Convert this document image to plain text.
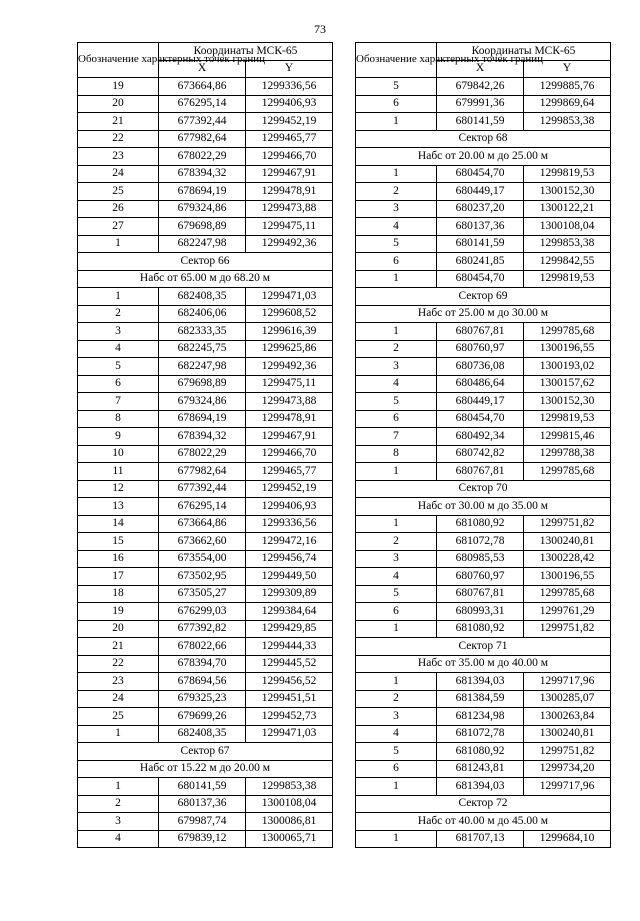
73
Обозначение характерных точек границ	Координаты МСК-65	
	X	Y
19	673664,86	1299336,56
20	676295,14	1299406,93
21	677392,44	1299452,19
22	677982,64	1299465,77
23	678022,29	1299466,70
24	678394,32	1299467,91
25	678694,19	1299478,91
26	679324,86	1299473,88
27	679698,89	1299475,11
1	682247,98	1299492,36
Сектор 66		
Набс от 65.00 м до 68.20 м		
1	682408,35	1299471,03
2	682406,06	1299608,52
3	682333,35	1299616,39
4	682245,75	1299625,86
5	682247,98	1299492,36
6	679698,89	1299475,11
7	679324,86	1299473,88
8	678694,19	1299478,91
9	678394,32	1299467,91
10	678022,29	1299466,70
11	677982,64	1299465,77
12	677392,44	1299452,19
13	676295,14	1299406,93
14	673664,86	1299336,56
15	673662,60	1299472,16
16	673554,00	1299456,74
17	673502,95	1299449,50
18	673505,27	1299309,89
19	676299,03	1299384,64
20	677392,82	1299429,85
21	678022,66	1299444,33
22	678394,70	1299445,52
23	678694,56	1299456,52
24	679325,23	1299451,51
25	679699,26	1299452,73
1	682408,35	1299471,03
Сектор 67		
Набс от 15.22 м до 20.00 м		
1	680141,59	1299853,38
2	680137,36	1300108,04
3	679987,74	1300086,81
4	679839,12	1300065,71
Обозначение характерных точек границ	Координаты МСК-65	
	X	Y
5	679842,26	1299885,76
6	679991,36	1299869,64
1	680141,59	1299853,38
Сектор 68		
Набс от 20.00 м до 25.00 м		
1	680454,70	1299819,53
2	680449,17	1300152,30
3	680237,20	1300122,21
4	680137,36	1300108,04
5	680141,59	1299853,38
6	680241,85	1299842,55
1	680454,70	1299819,53
Сектор 69		
Набс от 25.00 м до 30.00 м		
1	680767,81	1299785,68
2	680760,97	1300196,55
3	680736,08	1300193,02
4	680486,64	1300157,62
5	680449,17	1300152,30
6	680454,70	1299819,53
7	680492,34	1299815,46
8	680742,82	1299788,38
1	680767,81	1299785,68
Сектор 70		
Набс от 30.00 м до 35.00 м		
1	681080,92	1299751,82
2	681072,78	1300240,81
3	680985,53	1300228,42
4	680760,97	1300196,55
5	680767,81	1299785,68
6	680993,31	1299761,29
1	681080,92	1299751,82
Сектор 71		
Набс от 35.00 м до 40.00 м		
1	681394,03	1299717,96
2	681384,59	1300285,07
3	681234,98	1300263,84
4	681072,78	1300240,81
5	681080,92	1299751,82
6	681243,81	1299734,20
1	681394,03	1299717,96
Сектор 72		
Набс от 40.00 м до 45.00 м		
1	681707,13	1299684,10
